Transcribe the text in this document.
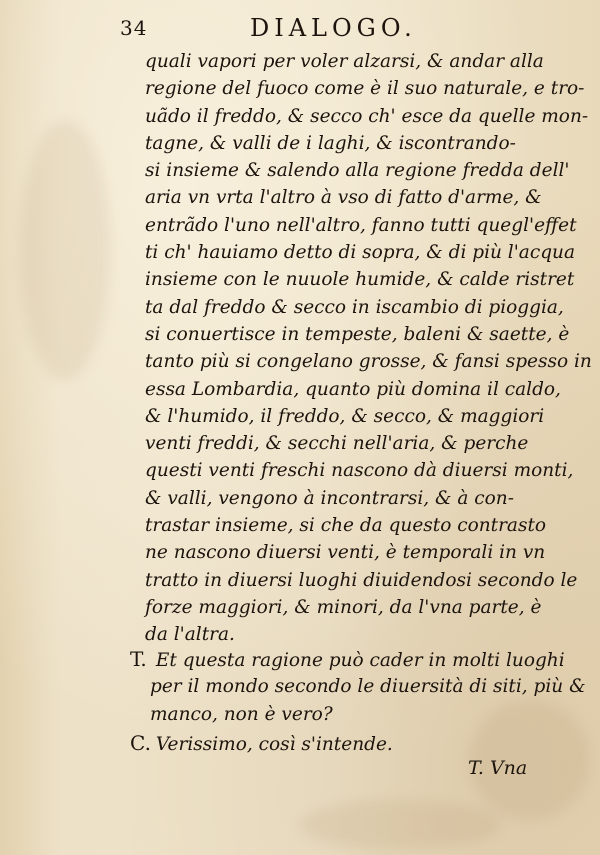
34	DIALOGO.
quali vapori per voler alzarsi, & andar alla
regione del fuoco come è il suo naturale, e tro-
uãdo il freddo, & secco ch' esce da quelle mon-
tagne, & valli de i laghi, & iscontrando-
si insieme & salendo alla regione fredda dell'
aria vn vrta l'altro à vso di fatto d'arme, &
entrãdo l'uno nell'altro, fanno tutti quegl'effet
ti ch' hauiamo detto di sopra, & di più l'acqua
insieme con le nuuole humide, & calde ristret
ta dal freddo & secco in iscambio di pioggia,
si conuertisce in tempeste, baleni & saette, è
tanto più si congelano grosse, & fansi spesso in
essa Lombardia, quanto più domina il caldo,
& l'humido, il freddo, & secco, & maggiori
venti freddi, & secchi nell'aria, & perche
questi venti freschi nascono dà diuersi monti,
& valli, vengono à incontrarsi, & à con-
trastar insieme, si che da questo contrasto
ne nascono diuersi venti, è temporali in vn
tratto in diuersi luoghi diuidendosi secondo le
forze maggiori, & minori, da l'vna parte, è
da l'altra.
T. Et questa ragione può cader in molti luoghi
per il mondo secondo le diuersità di siti, più &
manco, non è vero?
C. Verissimo, così s'intende.
T. Vna
